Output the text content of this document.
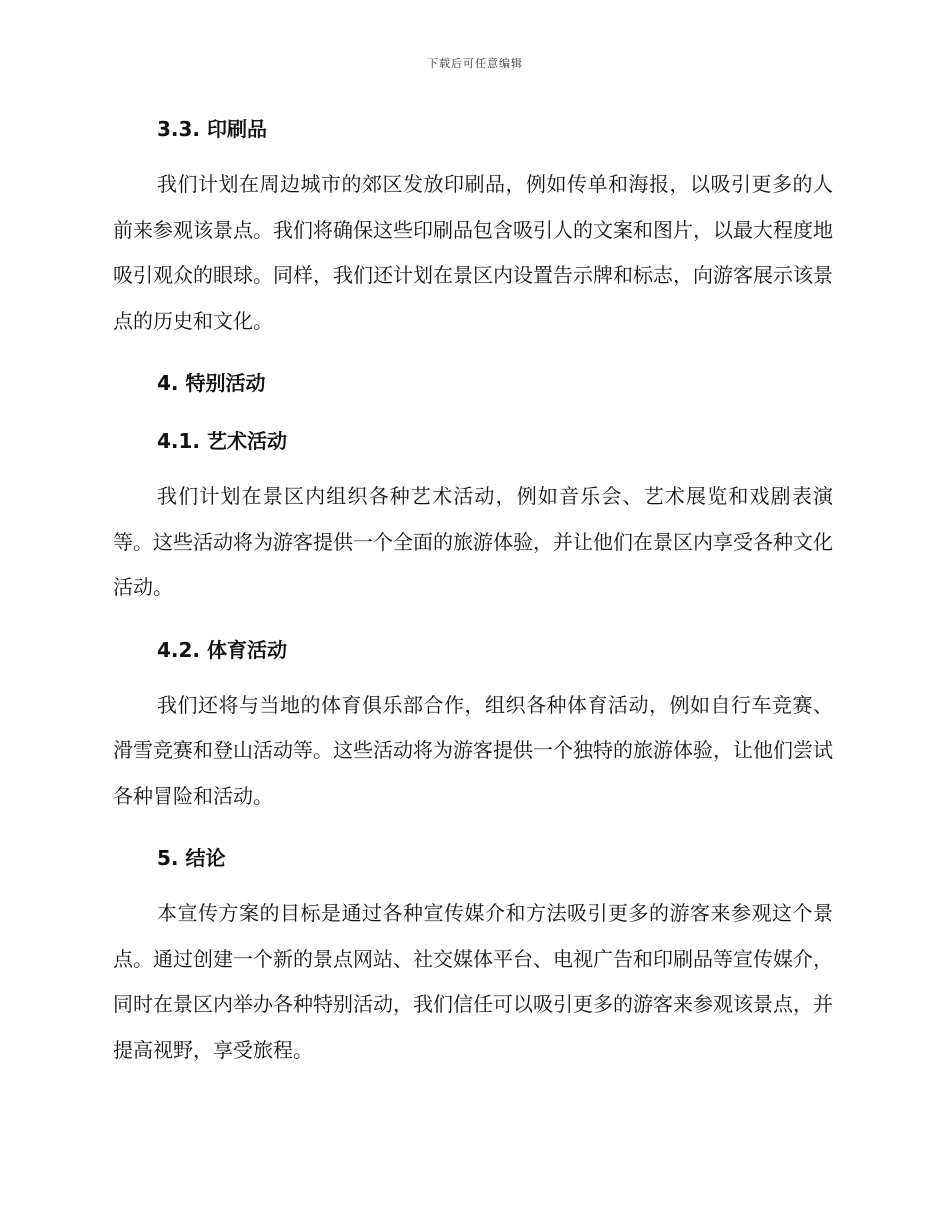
下载后可任意编辑
3.3. 印刷品

我们计划在周边城市的郊区发放印刷品，例如传单和海报，以吸引更多的人前来参观该景点。我们将确保这些印刷品包含吸引人的文案和图片，以最大程度地吸引观众的眼球。同样，我们还计划在景区内设置告示牌和标志，向游客展示该景点的历史和文化。

4. 特别活动
4.1. 艺术活动

我们计划在景区内组织各种艺术活动，例如音乐会、艺术展览和戏剧表演等。这些活动将为游客提供一个全面的旅游体验，并让他们在景区内享受各种文化活动。

4.2. 体育活动

我们还将与当地的体育俱乐部合作，组织各种体育活动，例如自行车竞赛、滑雪竞赛和登山活动等。这些活动将为游客提供一个独特的旅游体验，让他们尝试各种冒险和活动。

5. 结论

本宣传方案的目标是通过各种宣传媒介和方法吸引更多的游客来参观这个景点。通过创建一个新的景点网站、社交媒体平台、电视广告和印刷品等宣传媒介，同时在景区内举办各种特别活动，我们信任可以吸引更多的游客来参观该景点，并提高视野，享受旅程。
